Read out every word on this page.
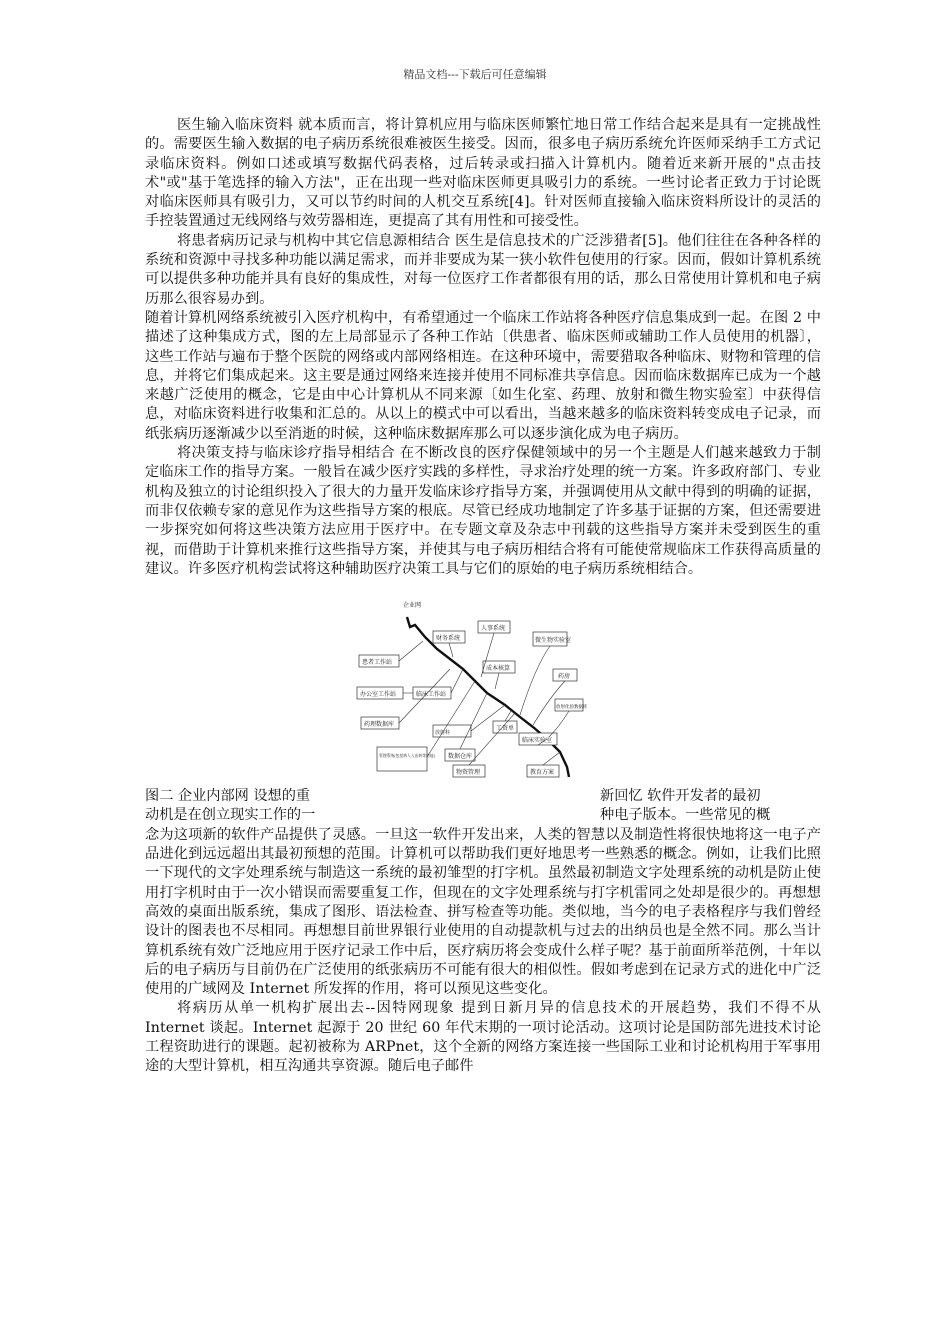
精品文档---下载后可任意编辑

医生输入临床资料 就本质而言，将计算机应用与临床医师繁忙地日常工作结合起来是具有一定挑战性的。需要医生输入数据的电子病历系统很难被医生接受。因而，很多电子病历系统允许医师采纳手工方式记录临床资料。例如口述或填写数据代码表格，过后转录或扫描入计算机内。随着近来新开展的"点击技术"或"基于笔选择的输入方法"，正在出现一些对临床医师更具吸引力的系统。一些讨论者正致力于讨论既对临床医师具有吸引力，又可以节约时间的人机交互系统[4]。针对医师直接输入临床资料所设计的灵活的手控装置通过无线网络与效劳器相连，更提高了其有用性和可接受性。

将患者病历记录与机构中其它信息源相结合 医生是信息技术的广泛涉猎者[5]。他们往往在各种各样的系统和资源中寻找多种功能以满足需求，而并非要成为某一狭小软件包使用的行家。因而，假如计算机系统可以提供多种功能并具有良好的集成性，对每一位医疗工作者都很有用的话，那么日常使用计算机和电子病历那么很容易办到。

随着计算机网络系统被引入医疗机构中，有希望通过一个临床工作站将各种医疗信息集成到一起。在图 2 中描述了这种集成方式，图的左上局部显示了各种工作站〔供患者、临床医师或辅助工作人员使用的机器〕，这些工作站与遍布于整个医院的网络或内部网络相连。在这种环境中，需要猎取各种临床、财物和管理的信息，并将它们集成起来。这主要是通过网络来连接并使用不同标准共享信息。因而临床数据库已成为一个越来越广泛使用的概念，它是由中心计算机从不同来源〔如生化室、药理、放射和微生物实验室〕中获得信息，对临床资料进行收集和汇总的。从以上的模式中可以看出，当越来越多的临床资料转变成电子记录，而纸张病历逐渐减少以至消逝的时候，这种临床数据库那么可以逐步演化成为电子病历。

将决策支持与临床诊疗指导相结合 在不断改良的医疗保健领域中的另一个主题是人们越来越致力于制定临床工作的指导方案。一般旨在减少医疗实践的多样性，寻求治疗处理的统一方案。许多政府部门、专业机构及独立的讨论组织投入了很大的力量开发临床诊疗指导方案，并强调使用从文献中得到的明确的证据，而非仅依赖专家的意见作为这些指导方案的根底。尽管已经成功地制定了许多基于证据的方案，但还需要进一步探究如何将这些决策方法应用于医疗中。在专题文章及杂志中刊载的这些指导方案并未受到医生的重视，而借助于计算机来推行这些指导方案，并使其与电子病历相结合将有可能使常规临床工作获得高质量的建议。许多医疗机构尝试将这种辅助医疗决策工具与它们的原始的电子病历系统相结合。

企业网
财务系统
人事系统
微生物实验室
患者工作站
成本核算
药房
办公室工作站	临床工作站
放射化验数据库
药理数据库
放射科
工资单
临床实验室
管理系统(包括病人入出转等功能) 数据仓库
物资管理	教育方案
图二 企业内部网 设想的重
动机是在创立现实工作的一
新回忆 软件开发者的最初
种电子版本。一些常见的概

念为这项新的软件产品提供了灵感。一旦这一软件开发出来，人类的智慧以及制造性将很快地将这一电子产品进化到远远超出其最初预想的范围。计算机可以帮助我们更好地思考一些熟悉的概念。例如，让我们比照一下现代的文字处理系统与制造这一系统的最初雏型的打字机。虽然最初制造文字处理系统的动机是防止使用打字机时由于一次小错误而需要重复工作，但现在的文字处理系统与打字机雷同之处却是很少的。再想想高效的桌面出版系统，集成了图形、语法检查、拼写检查等功能。类似地，当今的电子表格程序与我们曾经设计的图表也不尽相同。再想想目前世界银行业使用的自动提款机与过去的出纳员也是全然不同。那么当计算机系统有效广泛地应用于医疗记录工作中后，医疗病历将会变成什么样子呢？基于前面所举范例，十年以后的电子病历与目前仍在广泛使用的纸张病历不可能有很大的相似性。假如考虑到在记录方式的进化中广泛使用的广域网及 Internet 所发挥的作用，将可以预见这些变化。

将病历从单一机构扩展出去--因特网现象 提到日新月异的信息技术的开展趋势，我们不得不从 Internet 谈起。Internet 起源于 20 世纪 60 年代末期的一项讨论活动。这项讨论是国防部先进技术讨论工程资助进行的课题。起初被称为 ARPnet，这个全新的网络方案连接一些国际工业和讨论机构用于军事用途的大型计算机，相互沟通共享资源。随后电子邮件
